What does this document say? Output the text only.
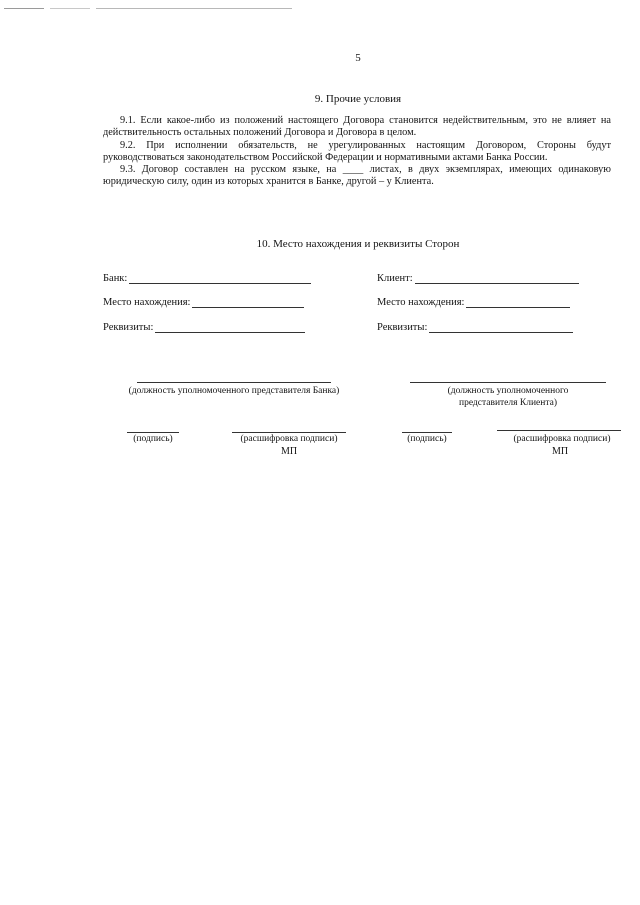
5
9. Прочие условия

9.1. Если какое-либо из положений настоящего Договора становится недействительным, это не влияет на действительность остальных положений Договора и Договора в целом.

9.2. При исполнении обязательств, не урегулированных настоящим Договором, Стороны будут руководствоваться законодательством Российской Федерации и нормативными актами Банка России.

9.3. Договор составлен на русском языке, на ____ листах, в двух экземплярах, имеющих одинаковую юридическую силу, один из которых хранится в Банке, другой – у Клиента.

10. Место нахождения и реквизиты Сторон
Банк:
Место нахождения:
Реквизиты:
Клиент:
Место нахождения:
Реквизиты:
(должность уполномоченного представителя Банка)	(должность уполномоченного представителя Клиента)
(подпись)	(расшифровка подписи)
МП
(подпись)	(расшифровка подписи)
МП
